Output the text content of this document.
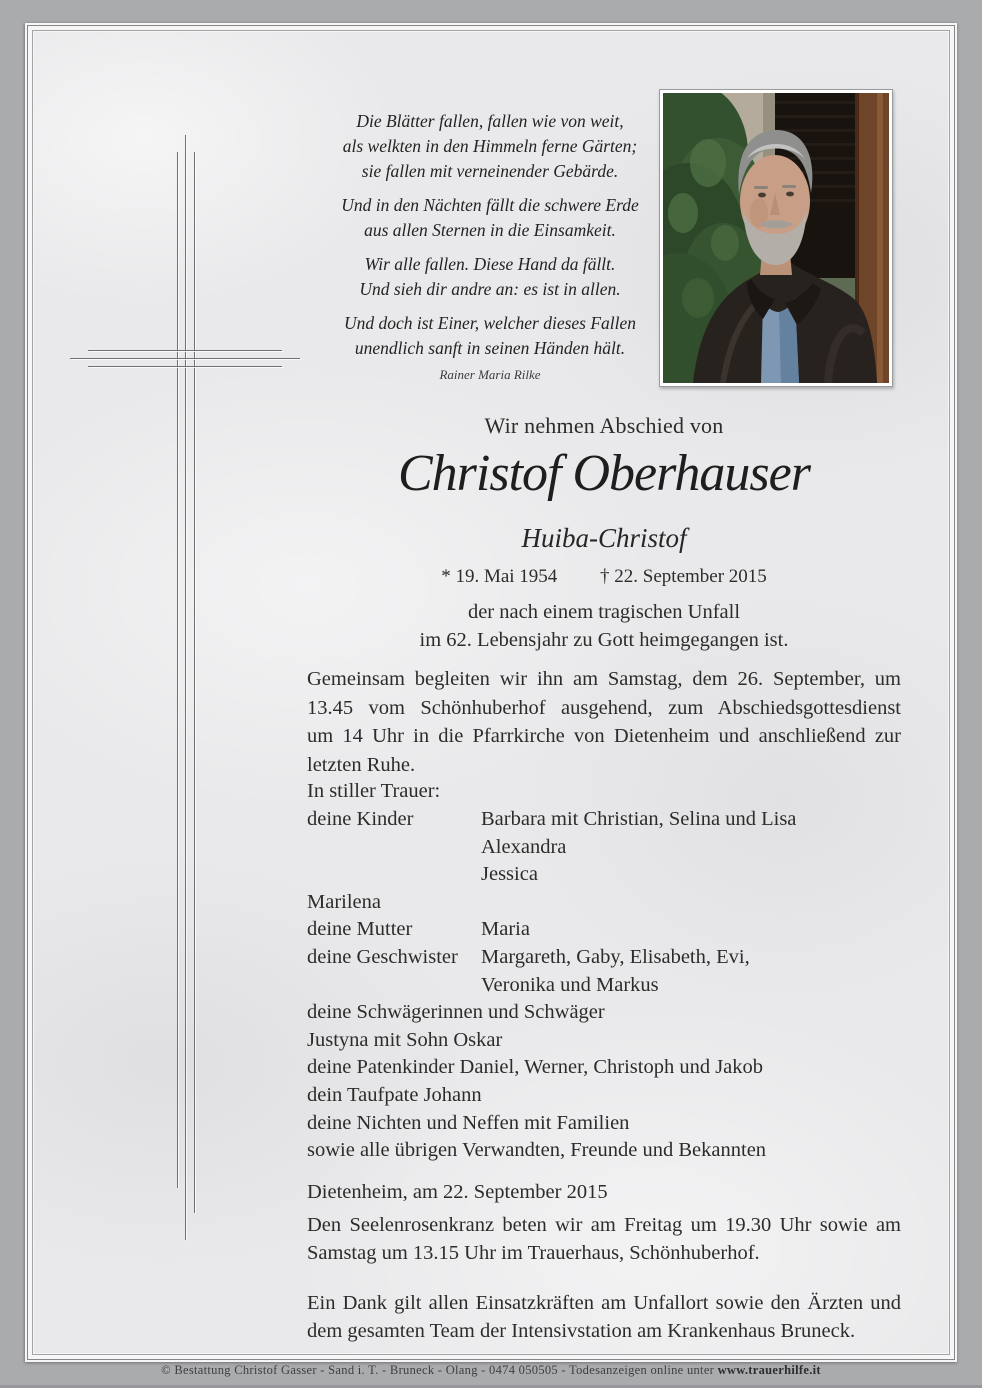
Die Blätter fallen, fallen wie von weit,
als welkten in den Himmeln ferne Gärten;
sie fallen mit verneinender Gebärde.
Und in den Nächten fällt die schwere Erde
aus allen Sternen in die Einsamkeit.
Wir alle fallen. Diese Hand da fällt.
Und sieh dir andre an: es ist in allen.
Und doch ist Einer, welcher dieses Fallen
unendlich sanft in seinen Händen hält.
Rainer Maria Rilke
Wir nehmen Abschied von
Christof Oberhauser
Huiba-Christof
* 19. Mai 1954 † 22. September 2015
der nach einem tragischen Unfall
im 62. Lebensjahr zu Gott heimgegangen ist.
Gemeinsam begleiten wir ihn am Samstag, dem 26. September, um
13.45 vom Schönhuberhof ausgehend, zum Abschiedsgottesdienst
um 14 Uhr in die Pfarrkirche von Dietenheim und anschließend zur
letzten Ruhe.
In stiller Trauer:
deine Kinder	Barbara mit Christian, Selina und Lisa
Alexandra
Jessica
Marilena
deine Mutter	Maria
deine Geschwister	Margareth, Gaby, Elisabeth, Evi,
Veronika und Markus
deine Schwägerinnen und Schwäger
Justyna mit Sohn Oskar
deine Patenkinder Daniel, Werner, Christoph und Jakob
dein Taufpate Johann
deine Nichten und Neffen mit Familien
sowie alle übrigen Verwandten, Freunde und Bekannten
Dietenheim, am 22. September 2015
Den Seelenrosenkranz beten wir am Freitag um 19.30 Uhr sowie am
Samstag um 13.15 Uhr im Trauerhaus, Schönhuberhof.
Ein Dank gilt allen Einsatzkräften am Unfallort sowie den Ärzten und
dem gesamten Team der Intensivstation am Krankenhaus Bruneck.
© Bestattung Christof Gasser - Sand i. T. - Bruneck - Olang - 0474 050505 - Todesanzeigen online unter www.trauerhilfe.it
